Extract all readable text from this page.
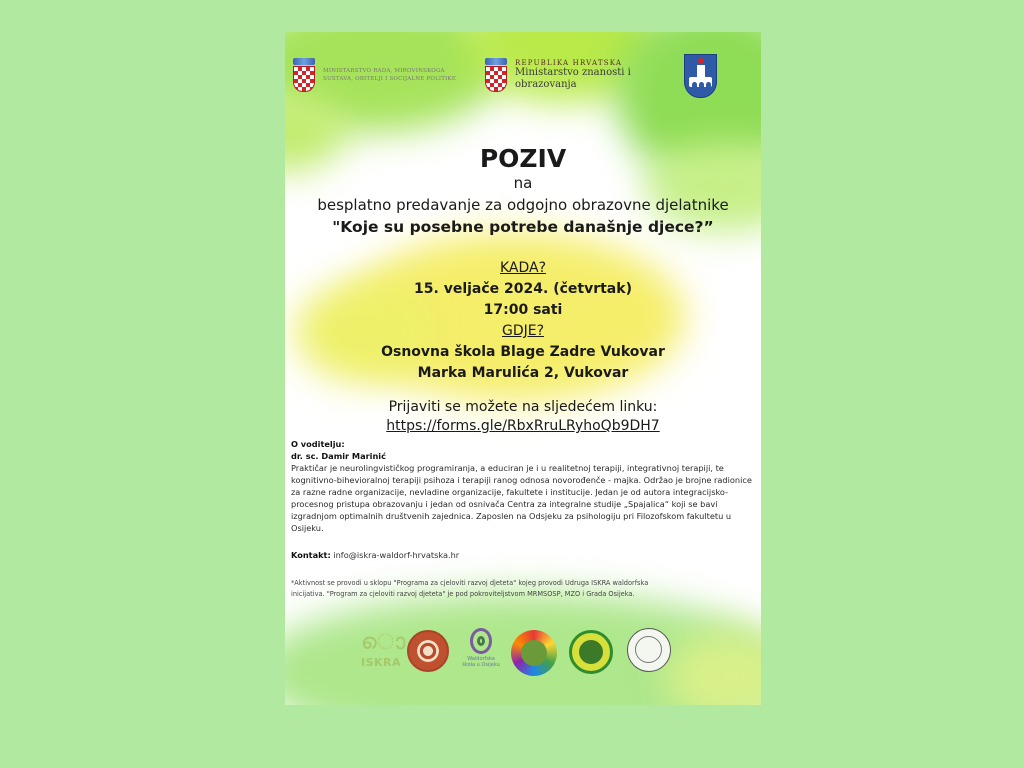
MINISTARSTVO RADA, MIROVINSKOGA
SUSTAVA, OBITELJI I SOCIJALNE POLITIKE
REPUBLIKA HRVATSKA
Ministarstvo znanosti i
obrazovanja
POZIV
na
besplatno predavanje za odgojno obrazovne djelatnike
"Koje su posebne potrebe današnje djece?”
KADA?
15. veljače 2024. (četvrtak)
17:00 sati
GDJE?
Osnovna škola Blage Zadre Vukovar
Marka Marulića 2, Vukovar
Prijaviti se možete na sljedećem linku:
https://forms.gle/RbxRruLRyhoQb9DH7
O voditelju:
dr. sc. Damir Marinić
Praktičar je neurolingvističkog programiranja, a educiran je i u realitetnoj terapiji, integrativnoj terapiji, te kognitivno-bihevioralnoj terapiji psihoza i terapiji ranog odnosa novorođenče - majka. Održao je brojne radionice za razne radne organizacije, nevladine organizacije, fakultete i institucije. Jedan je od autora integracijsko-procesnog pristupa obrazovanju i jedan od osnivača Centra za integralne studije „Spajalica“ koji se bavi izgradnjom optimalnih društvenih zajednica. Zaposlen na Odsjeku za psihologiju pri Filozofskom fakultetu u Osijeku.
Kontakt: info@iskra-waldorf-hrvatska.hr
*Aktivnost se provodi u sklopu "Programa za cjeloviti razvoj djeteta" kojeg provodi Udruga ISKRA waldorfska inicijativa. "Program za cjeloviti razvoj djeteta" je pod pokroviteljstvom MRMSOSP, MZO i Grada Osijeka.
ൊ
ISKRA	Waldorfska škola u Osijeku
